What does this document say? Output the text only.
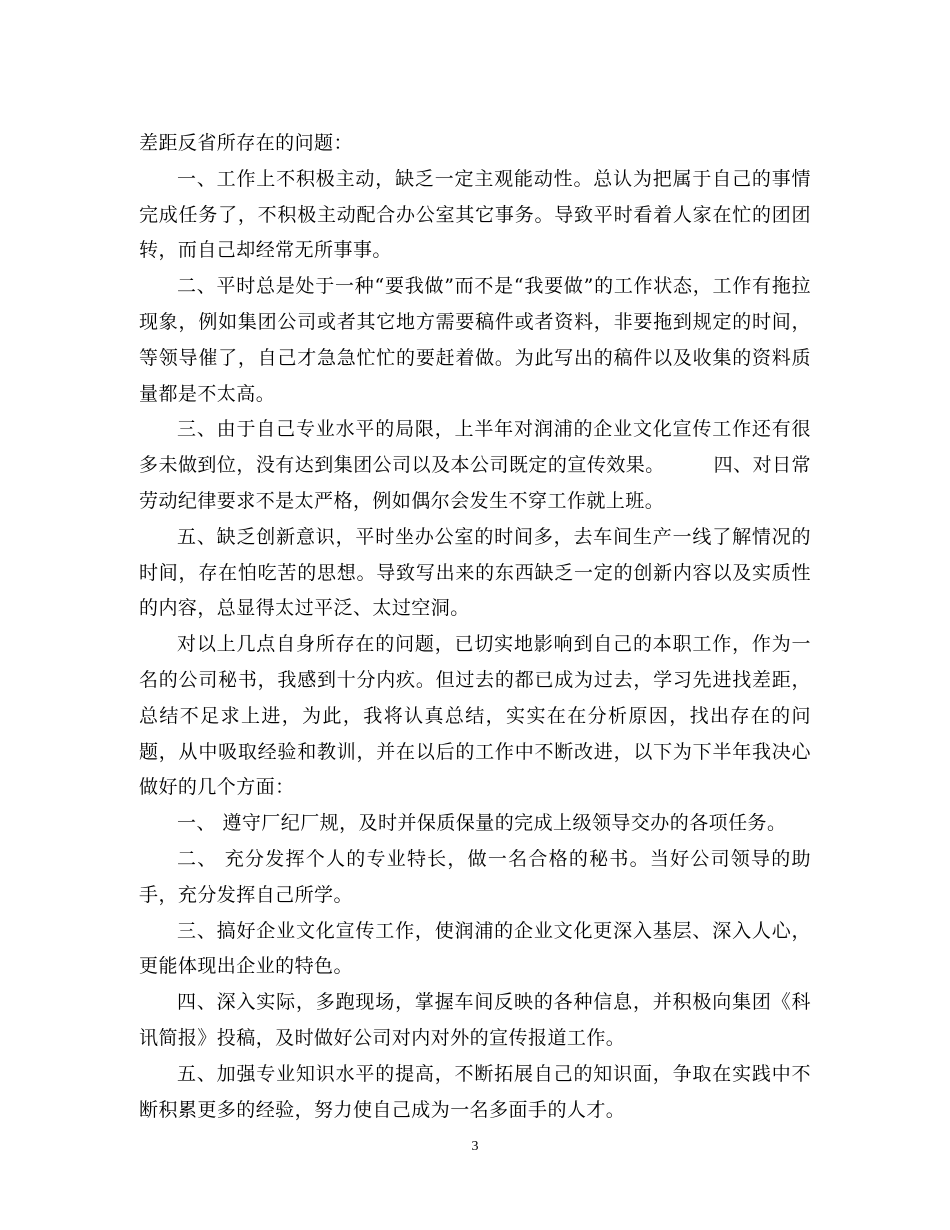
差距反省所存在的问题：

一、工作上不积极主动，缺乏一定主观能动性。总认为把属于自己的事情完成任务了，不积极主动配合办公室其它事务。导致平时看着人家在忙的团团转，而自己却经常无所事事。

二、平时总是处于一种“要我做”而不是“我要做”的工作状态，工作有拖拉现象，例如集团公司或者其它地方需要稿件或者资料，非要拖到规定的时间，等领导催了，自己才急急忙忙的要赶着做。为此写出的稿件以及收集的资料质量都是不太高。

三、由于自己专业水平的局限，上半年对润浦的企业文化宣传工作还有很多未做到位，没有达到集团公司以及本公司既定的宣传效果。　　　四、对日常劳动纪律要求不是太严格，例如偶尔会发生不穿工作就上班。

五、缺乏创新意识，平时坐办公室的时间多，去车间生产一线了解情况的时间，存在怕吃苦的思想。导致写出来的东西缺乏一定的创新内容以及实质性的内容，总显得太过平泛、太过空洞。

对以上几点自身所存在的问题，已切实地影响到自己的本职工作，作为一名的公司秘书，我感到十分内疚。但过去的都已成为过去，学习先进找差距，总结不足求上进，为此，我将认真总结，实实在在分析原因，找出存在的问题，从中吸取经验和教训，并在以后的工作中不断改进，以下为下半年我决心做好的几个方面：

一、 遵守厂纪厂规，及时并保质保量的完成上级领导交办的各项任务。

二、 充分发挥个人的专业特长，做一名合格的秘书。当好公司领导的助手，充分发挥自己所学。

三、搞好企业文化宣传工作，使润浦的企业文化更深入基层、深入人心，更能体现出企业的特色。

四、深入实际，多跑现场，掌握车间反映的各种信息，并积极向集团《科讯简报》投稿，及时做好公司对内对外的宣传报道工作。

五、加强专业知识水平的提高，不断拓展自己的知识面，争取在实践中不断积累更多的经验，努力使自己成为一名多面手的人才。

3
